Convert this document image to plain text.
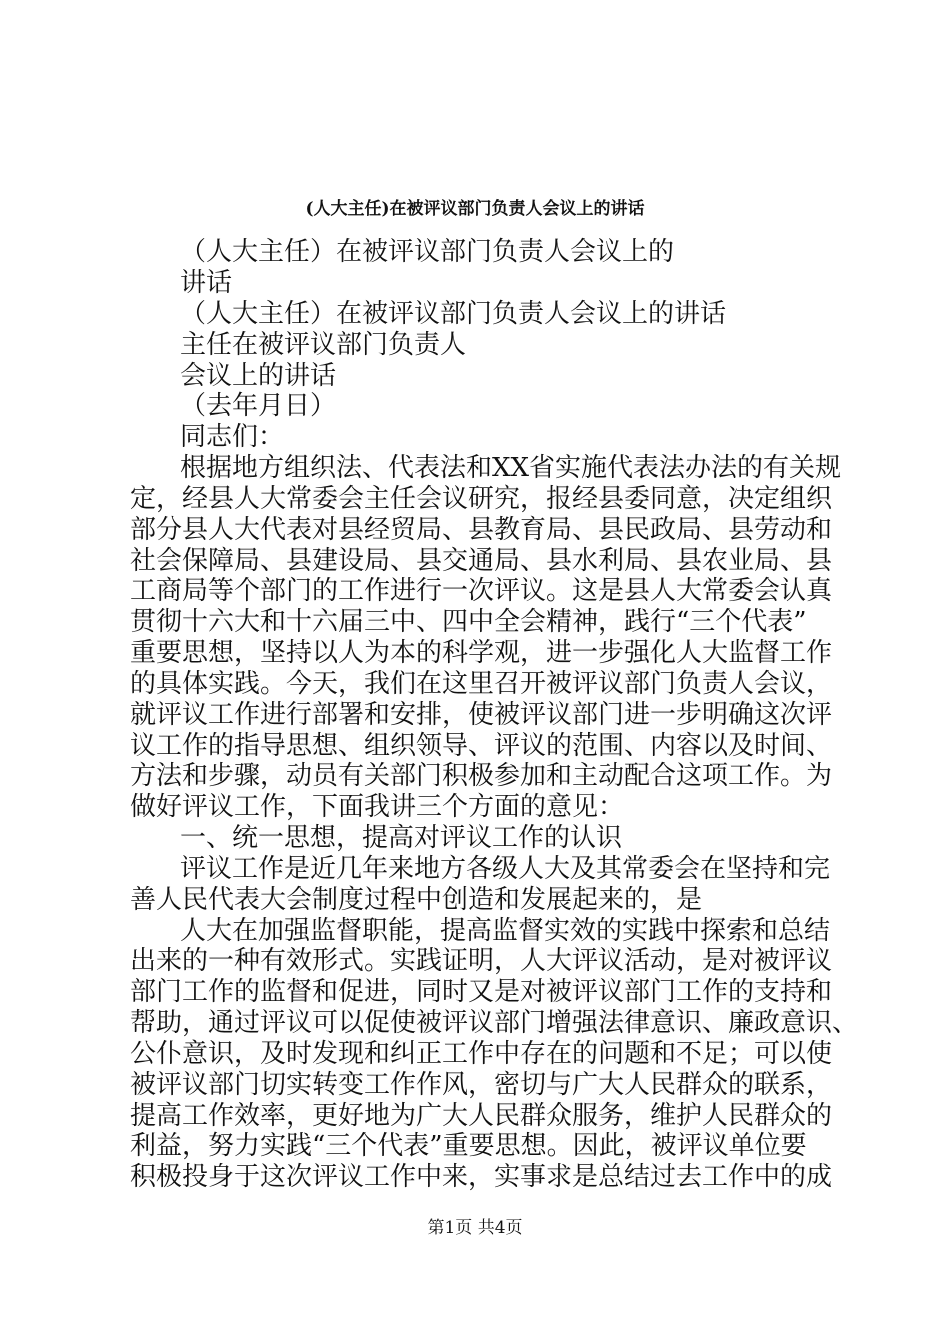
(人大主任)在被评议部门负责人会议上的讲话
（人大主任）在被评议部门负责人会议上的
讲话
（人大主任）在被评议部门负责人会议上的讲话
主任在被评议部门负责人
会议上的讲话
（去年月日）
同志们：
根据地方组织法、代表法和XX省实施代表法办法的有关规
定，经县人大常委会主任会议研究，报经县委同意，决定组织
部分县人大代表对县经贸局、县教育局、县民政局、县劳动和
社会保障局、县建设局、县交通局、县水利局、县农业局、县
工商局等个部门的工作进行一次评议。这是县人大常委会认真
贯彻十六大和十六届三中、四中全会精神，践行“三个代表”
重要思想，坚持以人为本的科学观，进一步强化人大监督工作
的具体实践。今天，我们在这里召开被评议部门负责人会议，
就评议工作进行部署和安排，使被评议部门进一步明确这次评
议工作的指导思想、组织领导、评议的范围、内容以及时间、
方法和步骤，动员有关部门积极参加和主动配合这项工作。为
做好评议工作，下面我讲三个方面的意见：
一、统一思想，提高对评议工作的认识
评议工作是近几年来地方各级人大及其常委会在坚持和完
善人民代表大会制度过程中创造和发展起来的，是
人大在加强监督职能，提高监督实效的实践中探索和总结
出来的一种有效形式。实践证明，人大评议活动，是对被评议
部门工作的监督和促进，同时又是对被评议部门工作的支持和
帮助，通过评议可以促使被评议部门增强法律意识、廉政意识、
公仆意识，及时发现和纠正工作中存在的问题和不足；可以使
被评议部门切实转变工作作风，密切与广大人民群众的联系，
提高工作效率，更好地为广大人民群众服务，维护人民群众的
利益，努力实践“三个代表”重要思想。因此，被评议单位要
积极投身于这次评议工作中来，实事求是总结过去工作中的成
第1页 共4页
